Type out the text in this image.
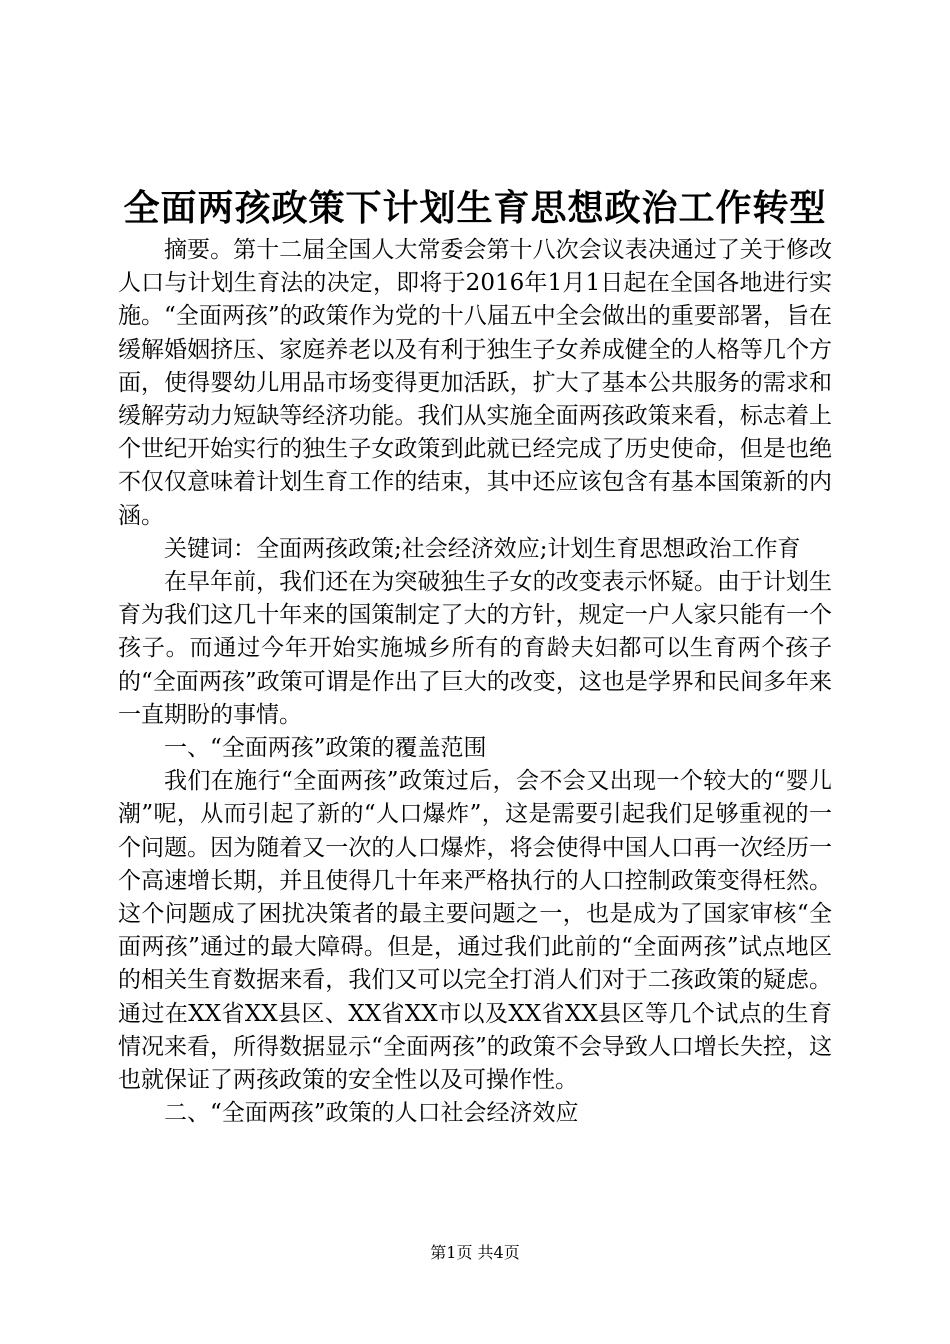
全面两孩政策下计划生育思想政治工作转型

摘要。第十二届全国人大常委会第十八次会议表决通过了关于修改人口与计划生育法的决定，即将于2016年1月1日起在全国各地进行实施。“全面两孩”的政策作为党的十八届五中全会做出的重要部署，旨在缓解婚姻挤压、家庭养老以及有利于独生子女养成健全的人格等几个方面，使得婴幼儿用品市场变得更加活跃，扩大了基本公共服务的需求和缓解劳动力短缺等经济功能。我们从实施全面两孩政策来看，标志着上个世纪开始实行的独生子女政策到此就已经完成了历史使命，但是也绝不仅仅意味着计划生育工作的结束，其中还应该包含有基本国策新的内涵。

关键词：全面两孩政策;社会经济效应;计划生育思想政治工作育

在早年前，我们还在为突破独生子女的改变表示怀疑。由于计划生育为我们这几十年来的国策制定了大的方针，规定一户人家只能有一个孩子。而通过今年开始实施城乡所有的育龄夫妇都可以生育两个孩子的“全面两孩”政策可谓是作出了巨大的改变，这也是学界和民间多年来一直期盼的事情。

一、“全面两孩”政策的覆盖范围

我们在施行“全面两孩”政策过后，会不会又出现一个较大的“婴儿潮”呢，从而引起了新的“人口爆炸”，这是需要引起我们足够重视的一个问题。因为随着又一次的人口爆炸，将会使得中国人口再一次经历一个高速增长期，并且使得几十年来严格执行的人口控制政策变得枉然。这个问题成了困扰决策者的最主要问题之一，也是成为了国家审核“全面两孩”通过的最大障碍。但是，通过我们此前的“全面两孩”试点地区的相关生育数据来看，我们又可以完全打消人们对于二孩政策的疑虑。通过在XX省XX县区、XX省XX市以及XX省XX县区等几个试点的生育情况来看，所得数据显示“全面两孩”的政策不会导致人口增长失控，这也就保证了两孩政策的安全性以及可操作性。

二、“全面两孩”政策的人口社会经济效应

第1页 共4页
